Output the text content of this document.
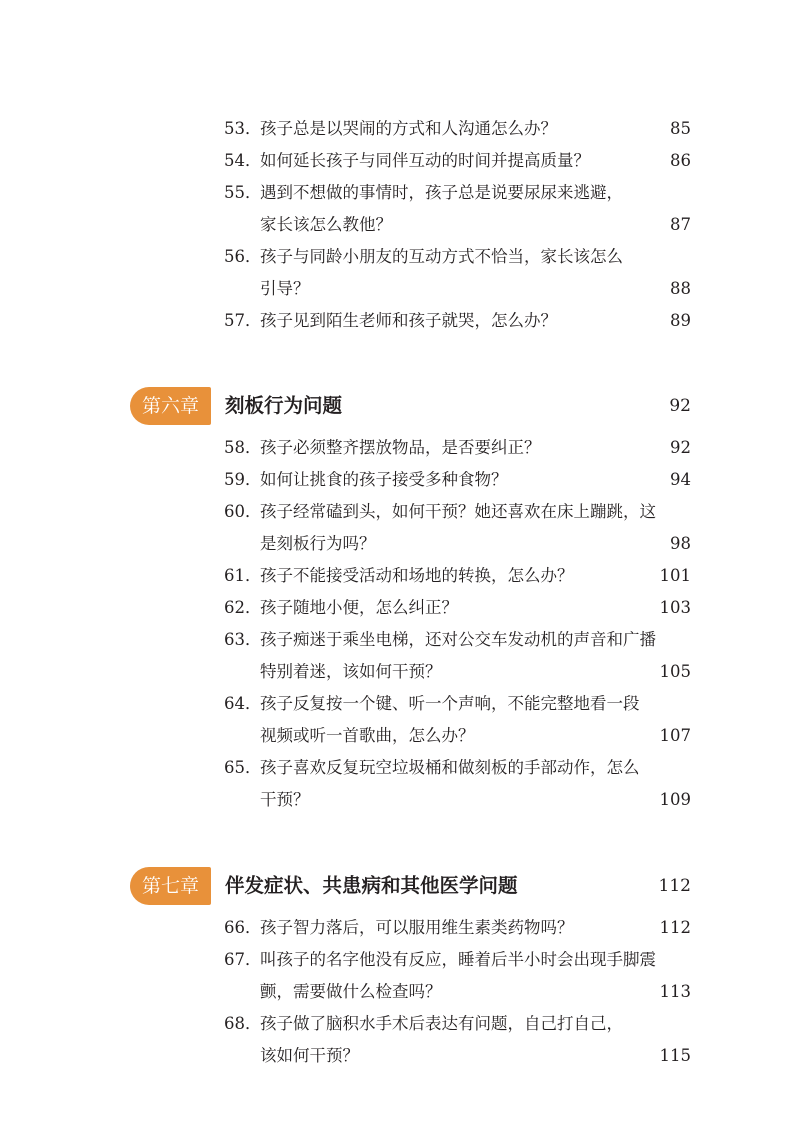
53．孩子总是以哭闹的方式和人沟通怎么办？	85
54．如何延长孩子与同伴互动的时间并提高质量？	86
55．遇到不想做的事情时，孩子总是说要尿尿来逃避，
家长该怎么教他？	87
56．孩子与同龄小朋友的互动方式不恰当，家长该怎么
引导？	88
57．孩子见到陌生老师和孩子就哭，怎么办？	89
第六章	刻板行为问题	92
58．孩子必须整齐摆放物品，是否要纠正？	92
59．如何让挑食的孩子接受多种食物？	94
60．孩子经常磕到头，如何干预？她还喜欢在床上蹦跳，这
是刻板行为吗？	98
61．孩子不能接受活动和场地的转换，怎么办？	101
62．孩子随地小便，怎么纠正？	103
63．孩子痴迷于乘坐电梯，还对公交车发动机的声音和广播
特别着迷，该如何干预？	105
64．孩子反复按一个键、听一个声响，不能完整地看一段
视频或听一首歌曲，怎么办？	107
65．孩子喜欢反复玩空垃圾桶和做刻板的手部动作，怎么
干预？	109
第七章	伴发症状、共患病和其他医学问题	112
66．孩子智力落后，可以服用维生素类药物吗？	112
67．叫孩子的名字他没有反应，睡着后半小时会出现手脚震
颤，需要做什么检查吗？	113
68．孩子做了脑积水手术后表达有问题，自己打自己，
该如何干预？	115
